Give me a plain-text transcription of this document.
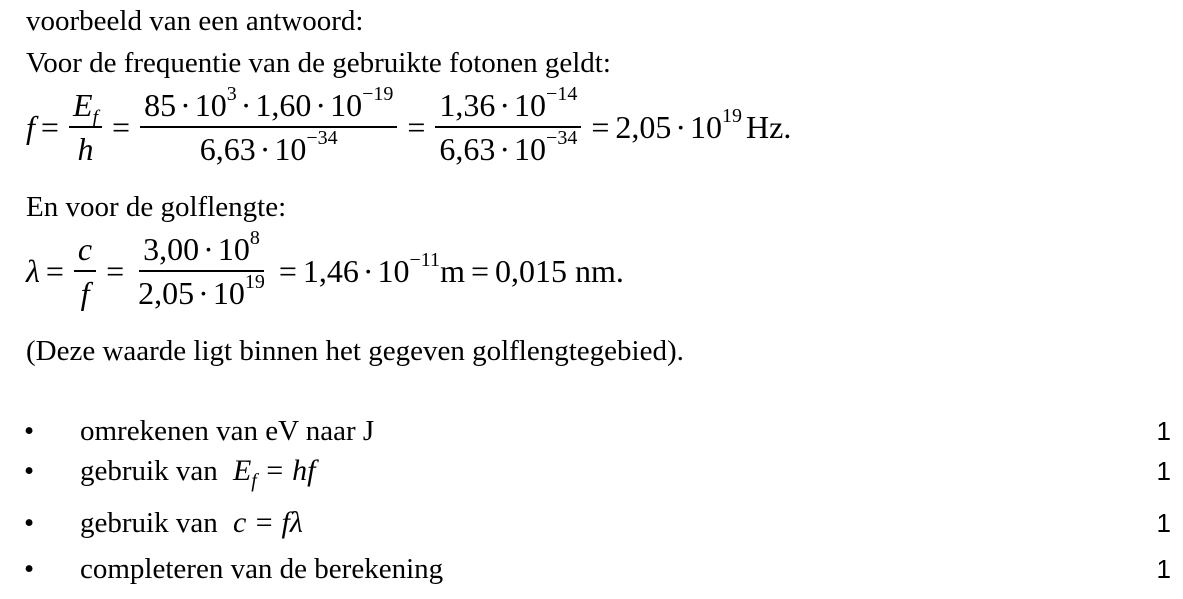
voorbeeld van een antwoord:
Voor de frequentie van de gebruikte fotonen geldt:
$f = \frac{E_f}{h} = \frac{85 \cdot 10^3 \cdot 1,60 \cdot 10^{-19}}{6,63 \cdot 10^{-34}} = \frac{1,36 \cdot 10^{-14}}{6,63 \cdot 10^{-34}} = 2,05 \cdot 10^{19}$ Hz.
En voor de golflengte:
$\lambda = \frac{c}{f} = \frac{3,00 \cdot 10^8}{2,05 \cdot 10^{19}} = 1,46 \cdot 10^{-11}m = 0,015$ nm.
(Deze waarde ligt binnen het gegeven golflengtegebied).
• omrekenen van eV naar J	1
• gebruik van $E_f$ = hf	1
• gebruik van c = fλ	1
• completeren van de berekening	1
